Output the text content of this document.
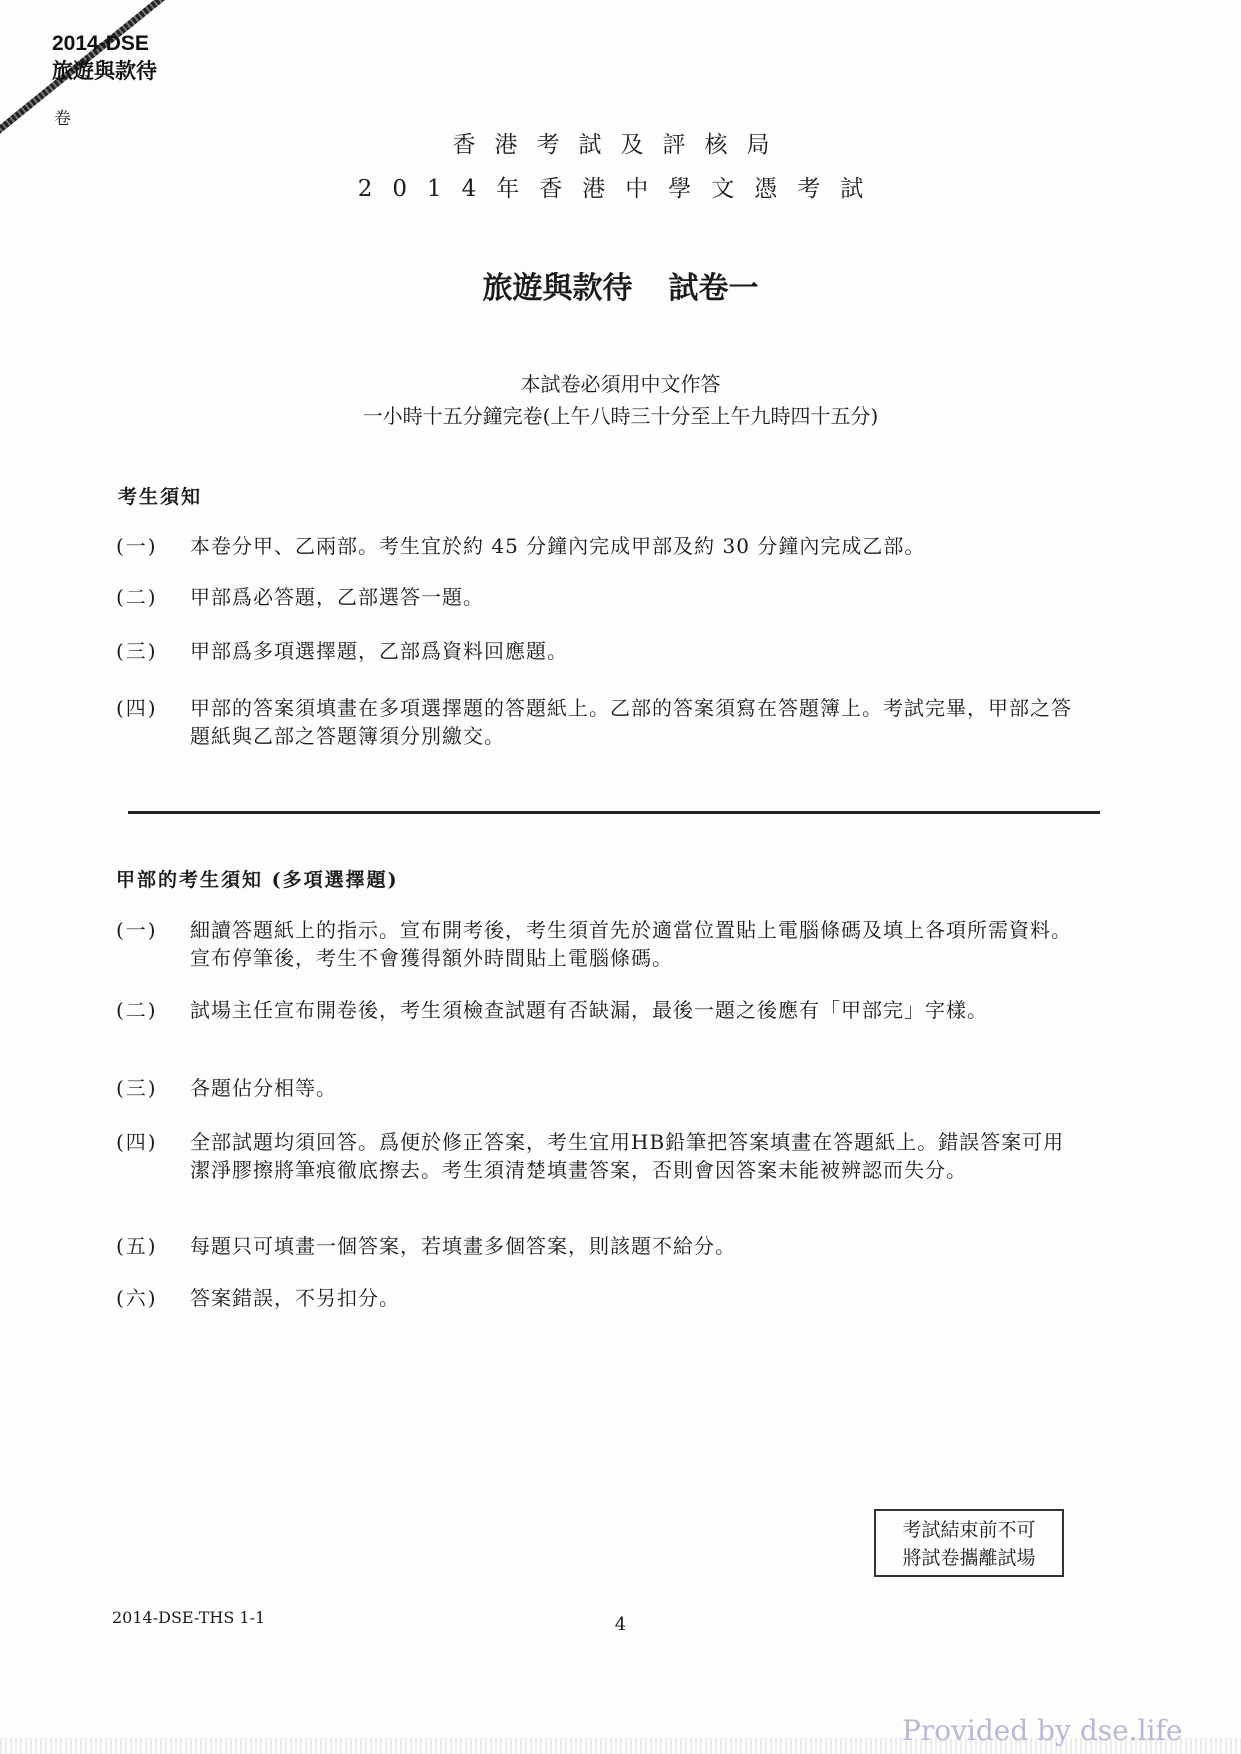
2014-DSE
旅遊與款待
卷
香港考試及評核局
2014年香港中學文憑考試
旅遊與款待 試卷一
本試卷必須用中文作答
一小時十五分鐘完卷(上午八時三十分至上午九時四十五分)
考生須知
(一)	本卷分甲、乙兩部。考生宜於約 45 分鐘內完成甲部及約 30 分鐘內完成乙部。
(二)	甲部爲必答題，乙部選答一題。
(三)	甲部爲多項選擇題，乙部爲資料回應題。
(四)	甲部的答案須填畫在多項選擇題的答題紙上。乙部的答案須寫在答題簿上。考試完畢，甲部之答題紙與乙部之答題簿須分別繳交。
甲部的考生須知 (多項選擇題)
(一)	細讀答題紙上的指示。宣布開考後，考生須首先於適當位置貼上電腦條碼及填上各項所需資料。宣布停筆後，考生不會獲得額外時間貼上電腦條碼。
(二)	試場主任宣布開卷後，考生須檢查試題有否缺漏，最後一題之後應有「甲部完」字樣。
(三)	各題佔分相等。
(四)	全部試題均須回答。爲便於修正答案，考生宜用HB鉛筆把答案填畫在答題紙上。錯誤答案可用潔淨膠擦將筆痕徹底擦去。考生須清楚填畫答案，否則會因答案未能被辨認而失分。
(五)	每題只可填畫一個答案，若填畫多個答案，則該題不給分。
(六)	答案錯誤，不另扣分。
考試結束前不可
將試卷攜離試場
2014-DSE-THS 1-1	4
Provided by dse.life
